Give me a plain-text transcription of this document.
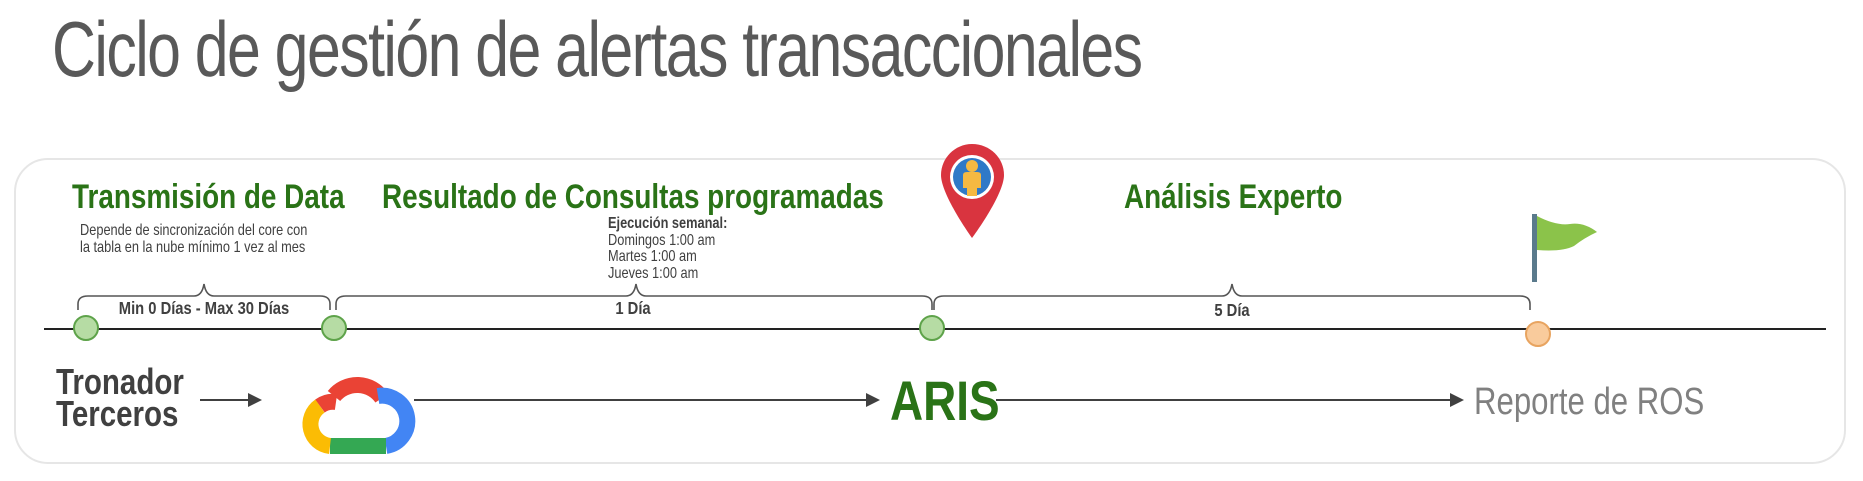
Ciclo de gestión de alertas transaccionales
Transmisión de Data Resultado de Consultas programadas	Análisis Experto
Depende de sincronización del core con
la tabla en la nube mínimo 1 vez al mes
Ejecución semanal:
Domingos 1:00 am
Martes 1:00 am
Jueves 1:00 am
Min 0 Días - Max 30 Días	1 Día	5 Día
Tronador
Terceros	ARIS	Reporte de ROS
